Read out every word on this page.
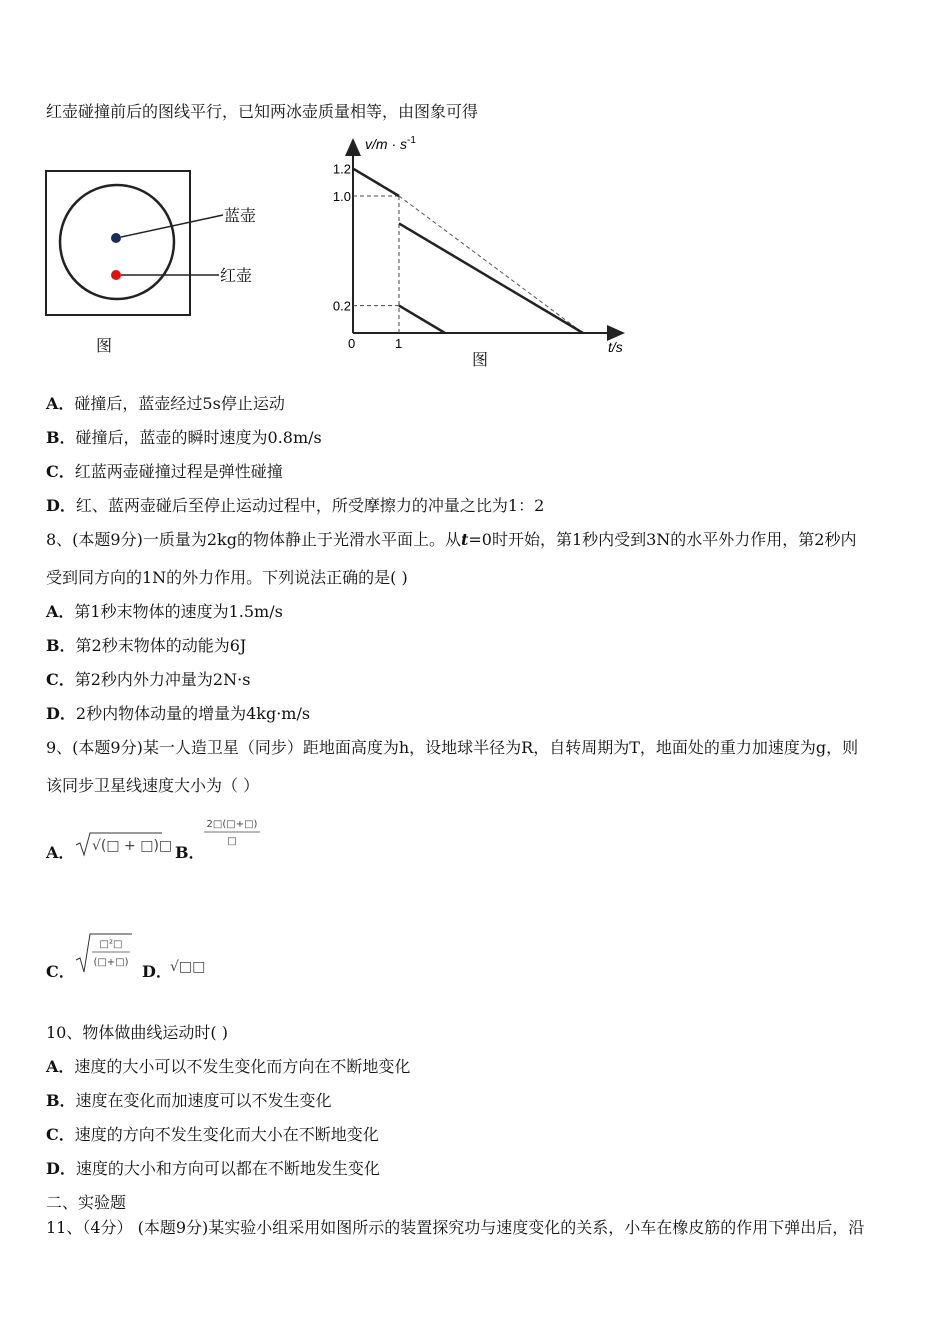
红壶碰撞前后的图线平行，已知两冰壶质量相等，由图象可得
蓝壶
红壶
图
$v/m \cdot s^{-1}$
t/s
0	1
1.2
1.0
0.2
图
A．碰撞后，蓝壶经过5s停止运动
B．碰撞后，蓝壶的瞬时速度为0.8m/s
C．红蓝两壶碰撞过程是弹性碰撞
D．红、蓝两壶碰后至停止运动过程中，所受摩擦力的冲量之比为1：2
8、(本题9分)一质量为2kg的物体静止于光滑水平面上。从t=0时开始，第1秒内受到3N的水平外力作用，第2秒内
受到同方向的1N的外力作用。下列说法正确的是( )
A．第1秒末物体的速度为1.5m/s
B．第2秒末物体的动能为6J
C．第2秒内外力冲量为2N·s
D．2秒内物体动量的增量为4kg·m/s
9、(本题9分)某一人造卫星（同步）距地面高度为h，设地球半径为R，自转周期为T，地面处的重力加速度为g，则
该同步卫星线速度大小为（ ）
A． √(□ + □)□ B．
2□(□+□)
□
C．
□²□
(□+□) D．
√□□
10、物体做曲线运动时( )
A．速度的大小可以不发生变化而方向在不断地变化
B．速度在变化而加速度可以不发生变化
C．速度的方向不发生变化而大小在不断地变化
D．速度的大小和方向可以都在不断地发生变化
二、实验题
11、（4分） (本题9分)某实验小组采用如图所示的装置探究功与速度变化的关系，小车在橡皮筋的作用下弹出后，沿
